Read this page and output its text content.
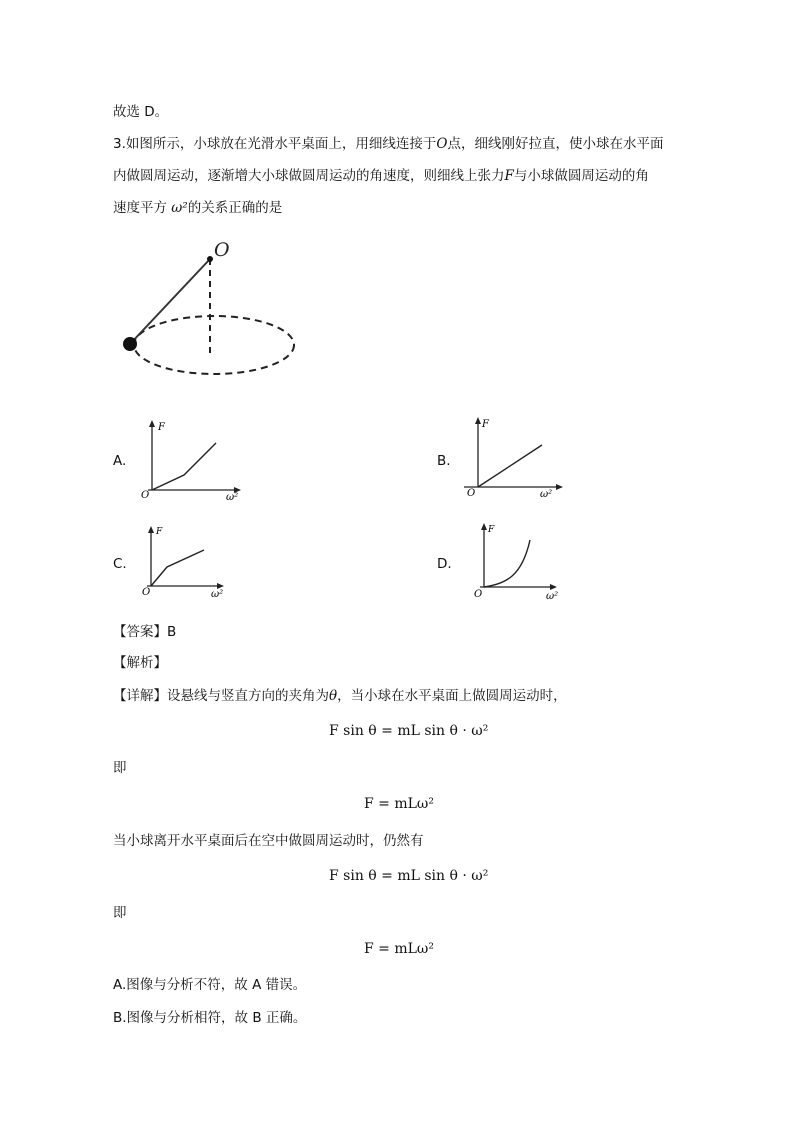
故选 D。
3.如图所示，小球放在光滑水平桌面上，用细线连接于O点，细线刚好拉直，使小球在水平面
内做圆周运动，逐渐增大小球做圆周运动的角速度，则细线上张力F与小球做圆周运动的角
速度平方 ω²的关系正确的是
O
A.
F
O	ω²
B.
F
O	ω²
C.
F
O	ω²
D.
F
O	ω²
【答案】B
【解析】
【详解】设悬线与竖直方向的夹角为θ，当小球在水平桌面上做圆周运动时，
F sin θ = mL sin θ · ω²
即
F = mLω²
当小球离开水平桌面后在空中做圆周运动时，仍然有
F sin θ = mL sin θ · ω²
即
F = mLω²
A.图像与分析不符，故 A 错误。
B.图像与分析相符，故 B 正确。
